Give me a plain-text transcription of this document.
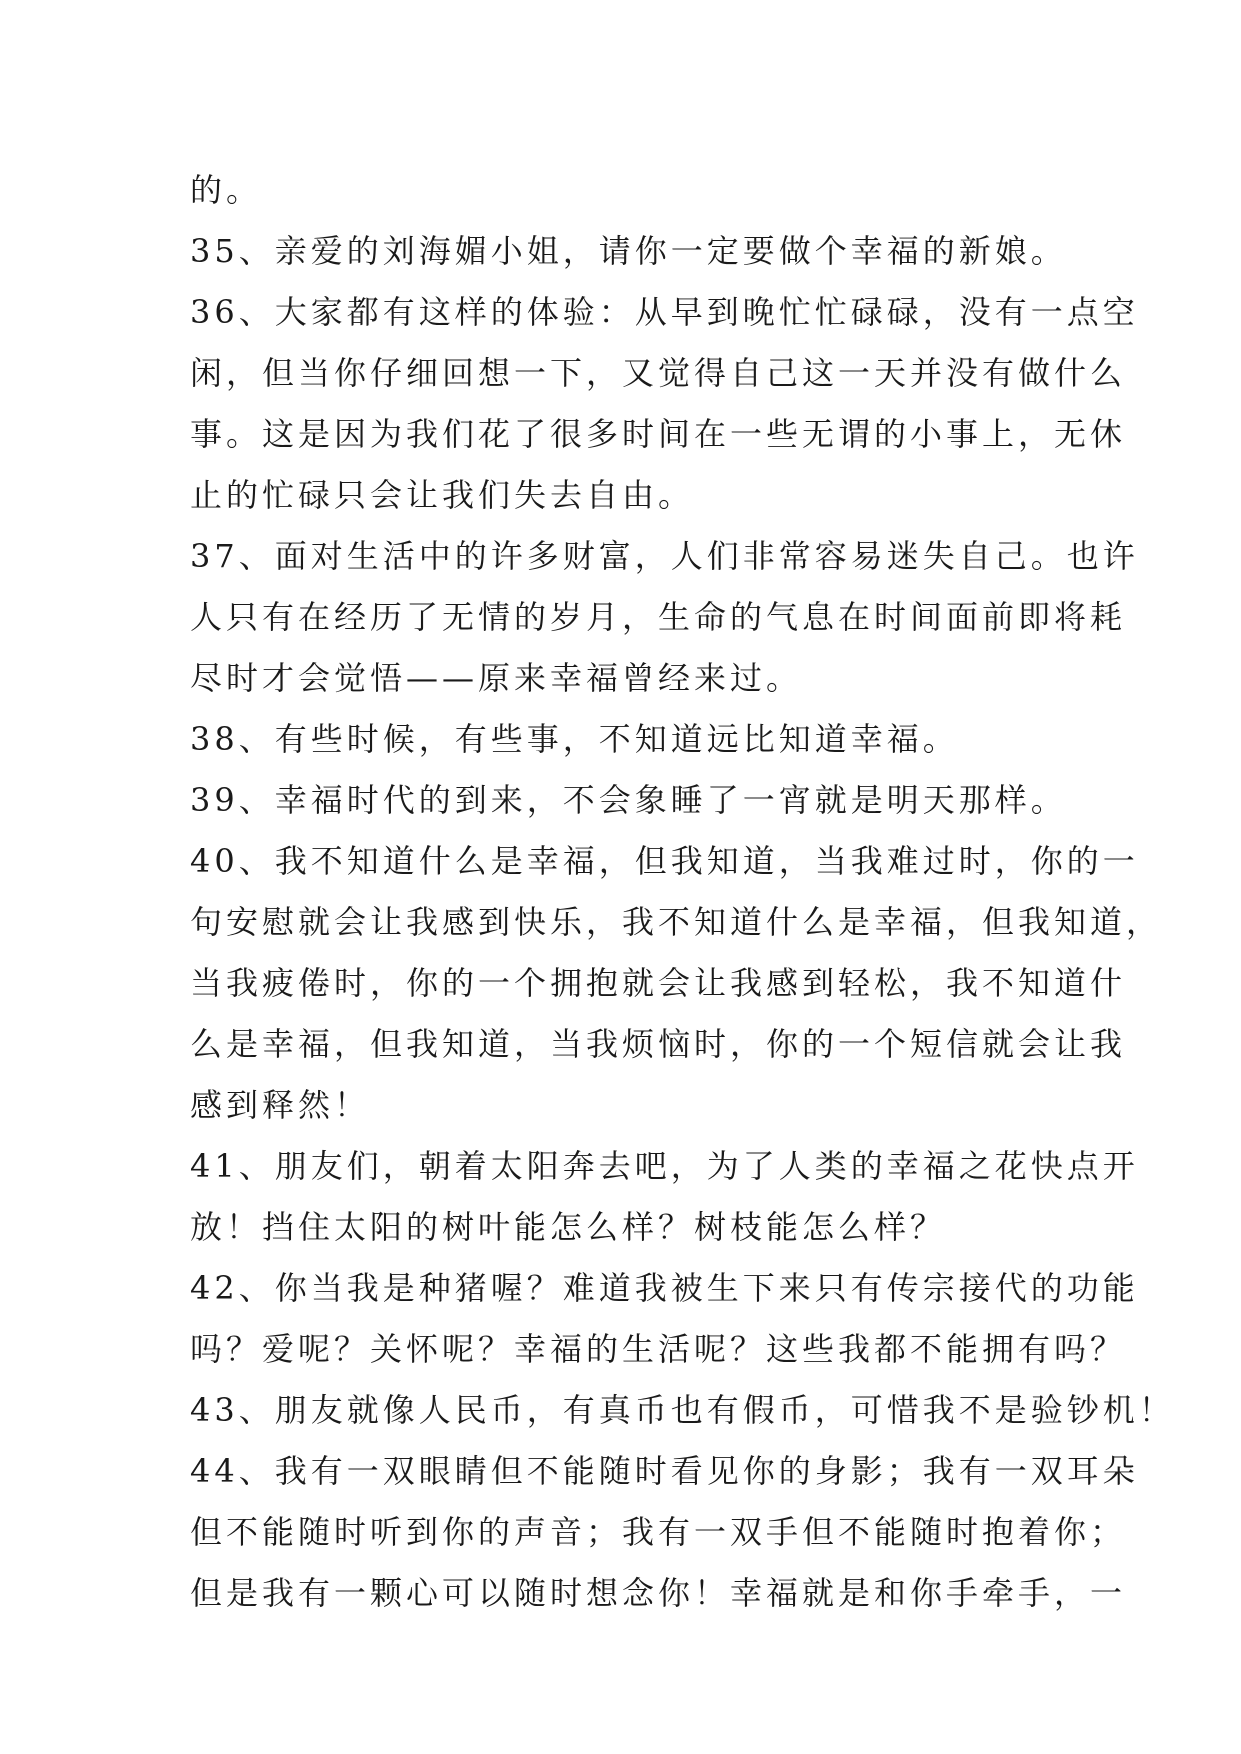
的。
35、亲爱的刘海媚小姐，请你一定要做个幸福的新娘。
36、大家都有这样的体验：从早到晚忙忙碌碌，没有一点空
闲，但当你仔细回想一下，又觉得自己这一天并没有做什么
事。这是因为我们花了很多时间在一些无谓的小事上，无休
止的忙碌只会让我们失去自由。
37、面对生活中的许多财富，人们非常容易迷失自己。也许
人只有在经历了无情的岁月，生命的气息在时间面前即将耗
尽时才会觉悟——原来幸福曾经来过。
38、有些时候，有些事，不知道远比知道幸福。
39、幸福时代的到来，不会象睡了一宵就是明天那样。
40、我不知道什么是幸福，但我知道，当我难过时，你的一
句安慰就会让我感到快乐，我不知道什么是幸福，但我知道，
当我疲倦时，你的一个拥抱就会让我感到轻松，我不知道什
么是幸福，但我知道，当我烦恼时，你的一个短信就会让我
感到释然！
41、朋友们，朝着太阳奔去吧，为了人类的幸福之花快点开
放！挡住太阳的树叶能怎么样？树枝能怎么样？
42、你当我是种猪喔？难道我被生下来只有传宗接代的功能
吗？爱呢？关怀呢？幸福的生活呢？这些我都不能拥有吗？
43、朋友就像人民币，有真币也有假币，可惜我不是验钞机！
44、我有一双眼睛但不能随时看见你的身影；我有一双耳朵
但不能随时听到你的声音；我有一双手但不能随时抱着你；
但是我有一颗心可以随时想念你！幸福就是和你手牵手，一
